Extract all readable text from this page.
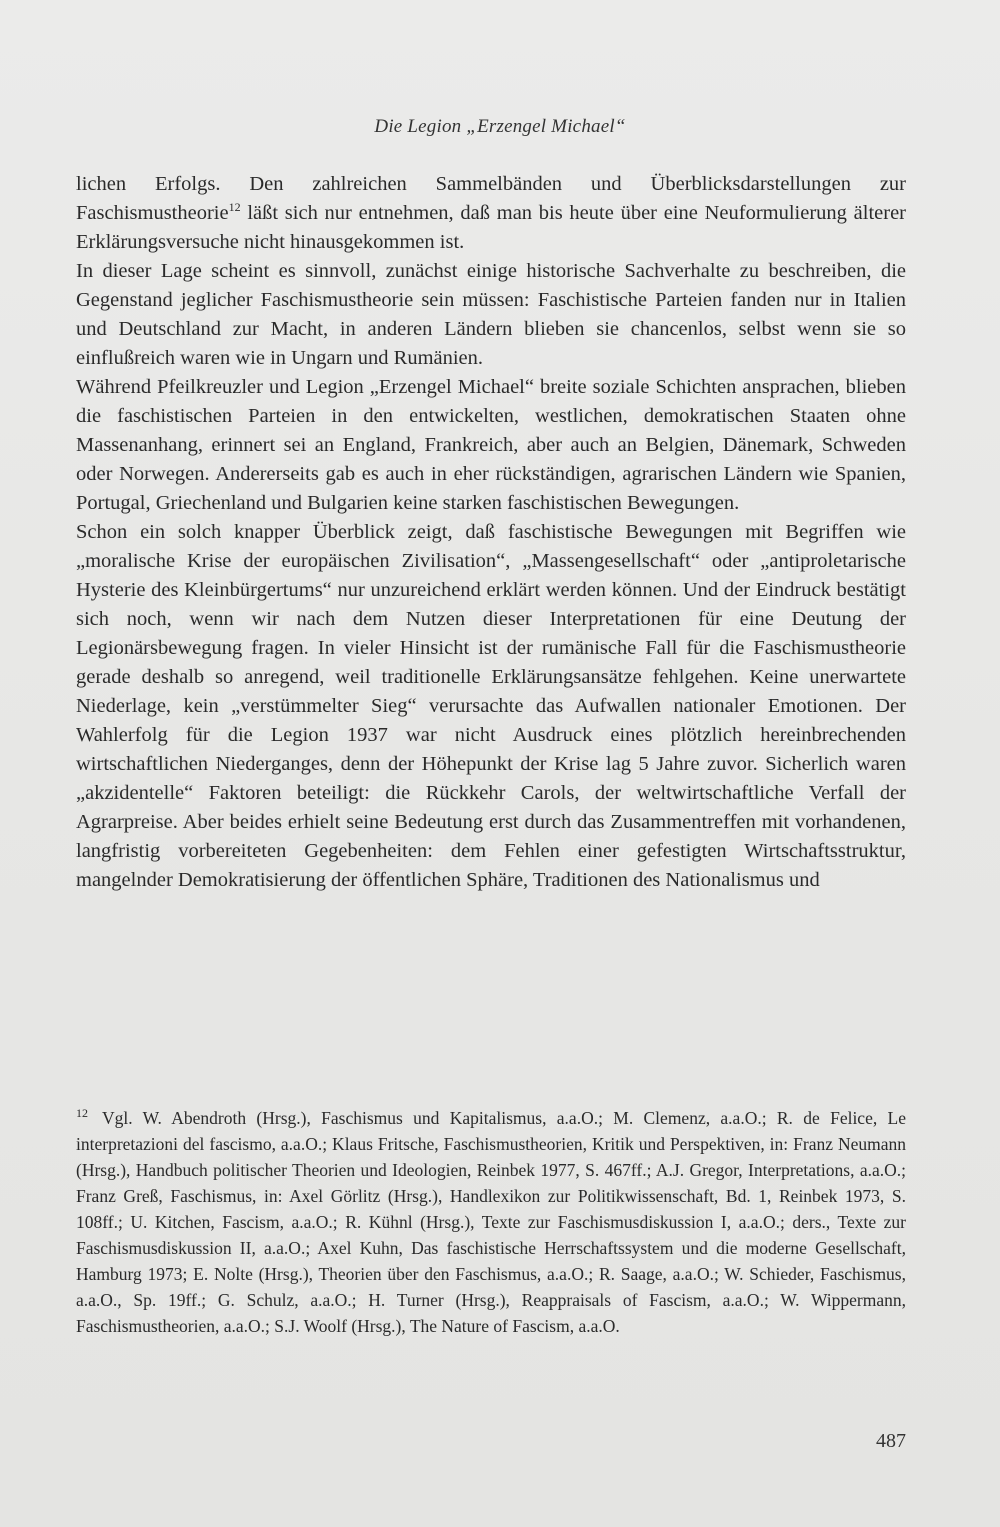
Die Legion „Erzengel Michael“

lichen Erfolgs. Den zahlreichen Sammelbänden und Überblicksdarstellungen zur Faschismustheorie$^{12}$ läßt sich nur entnehmen, daß man bis heute über eine Neuformulierung älterer Erklärungsversuche nicht hinausgekommen ist.

In dieser Lage scheint es sinnvoll, zunächst einige historische Sachverhalte zu beschreiben, die Gegenstand jeglicher Faschismustheorie sein müssen: Faschistische Parteien fanden nur in Italien und Deutschland zur Macht, in anderen Ländern blieben sie chancenlos, selbst wenn sie so einflußreich waren wie in Ungarn und Rumänien.

Während Pfeilkreuzler und Legion „Erzengel Michael“ breite soziale Schichten ansprachen, blieben die faschistischen Parteien in den entwickelten, westlichen, demokratischen Staaten ohne Massenanhang, erinnert sei an England, Frankreich, aber auch an Belgien, Dänemark, Schweden oder Norwegen. Andererseits gab es auch in eher rückständigen, agrarischen Ländern wie Spanien, Portugal, Griechenland und Bulgarien keine starken faschistischen Bewegungen.

Schon ein solch knapper Überblick zeigt, daß faschistische Bewegungen mit Begriffen wie „moralische Krise der europäischen Zivilisation“, „Massengesellschaft“ oder „antiproletarische Hysterie des Kleinbürgertums“ nur unzureichend erklärt werden können. Und der Eindruck bestätigt sich noch, wenn wir nach dem Nutzen dieser Interpretationen für eine Deutung der Legionärsbewegung fragen. In vieler Hinsicht ist der rumänische Fall für die Faschismustheorie gerade deshalb so anregend, weil traditionelle Erklärungsansätze fehlgehen. Keine unerwartete Niederlage, kein „verstümmelter Sieg“ verursachte das Aufwallen nationaler Emotionen. Der Wahlerfolg für die Legion 1937 war nicht Ausdruck eines plötzlich hereinbrechenden wirtschaftlichen Niederganges, denn der Höhepunkt der Krise lag 5 Jahre zuvor. Sicherlich waren „akzidentelle“ Faktoren beteiligt: die Rückkehr Carols, der weltwirtschaftliche Verfall der Agrarpreise. Aber beides erhielt seine Bedeutung erst durch das Zusammentreffen mit vorhandenen, langfristig vorbereiteten Gegebenheiten: dem Fehlen einer gefestigten Wirtschaftsstruktur, mangelnder Demokratisierung der öffentlichen Sphäre, Traditionen des Nationalismus und

$^{12}$ Vgl. W. Abendroth (Hrsg.), Faschismus und Kapitalismus, a.a.O.; M. Clemenz, a.a.O.; R. de Felice, Le interpretazioni del fascismo, a.a.O.; Klaus Fritsche, Faschismustheorien, Kritik und Perspektiven, in: Franz Neumann (Hrsg.), Handbuch politischer Theorien und Ideologien, Reinbek 1977, S. 467ff.; A.J. Gregor, Interpretations, a.a.O.; Franz Greß, Faschismus, in: Axel Görlitz (Hrsg.), Handlexikon zur Politikwissenschaft, Bd. 1, Reinbek 1973, S. 108ff.; U. Kitchen, Fascism, a.a.O.; R. Kühnl (Hrsg.), Texte zur Faschismusdiskussion I, a.a.O.; ders., Texte zur Faschismusdiskussion II, a.a.O.; Axel Kuhn, Das faschistische Herrschaftssystem und die moderne Gesellschaft, Hamburg 1973; E. Nolte (Hrsg.), Theorien über den Faschismus, a.a.O.; R. Saage, a.a.O.; W. Schieder, Faschismus, a.a.O., Sp. 19ff.; G. Schulz, a.a.O.; H. Turner (Hrsg.), Reappraisals of Fascism, a.a.O.; W. Wippermann, Faschismustheorien, a.a.O.; S.J. Woolf (Hrsg.), The Nature of Fascism, a.a.O.
487
